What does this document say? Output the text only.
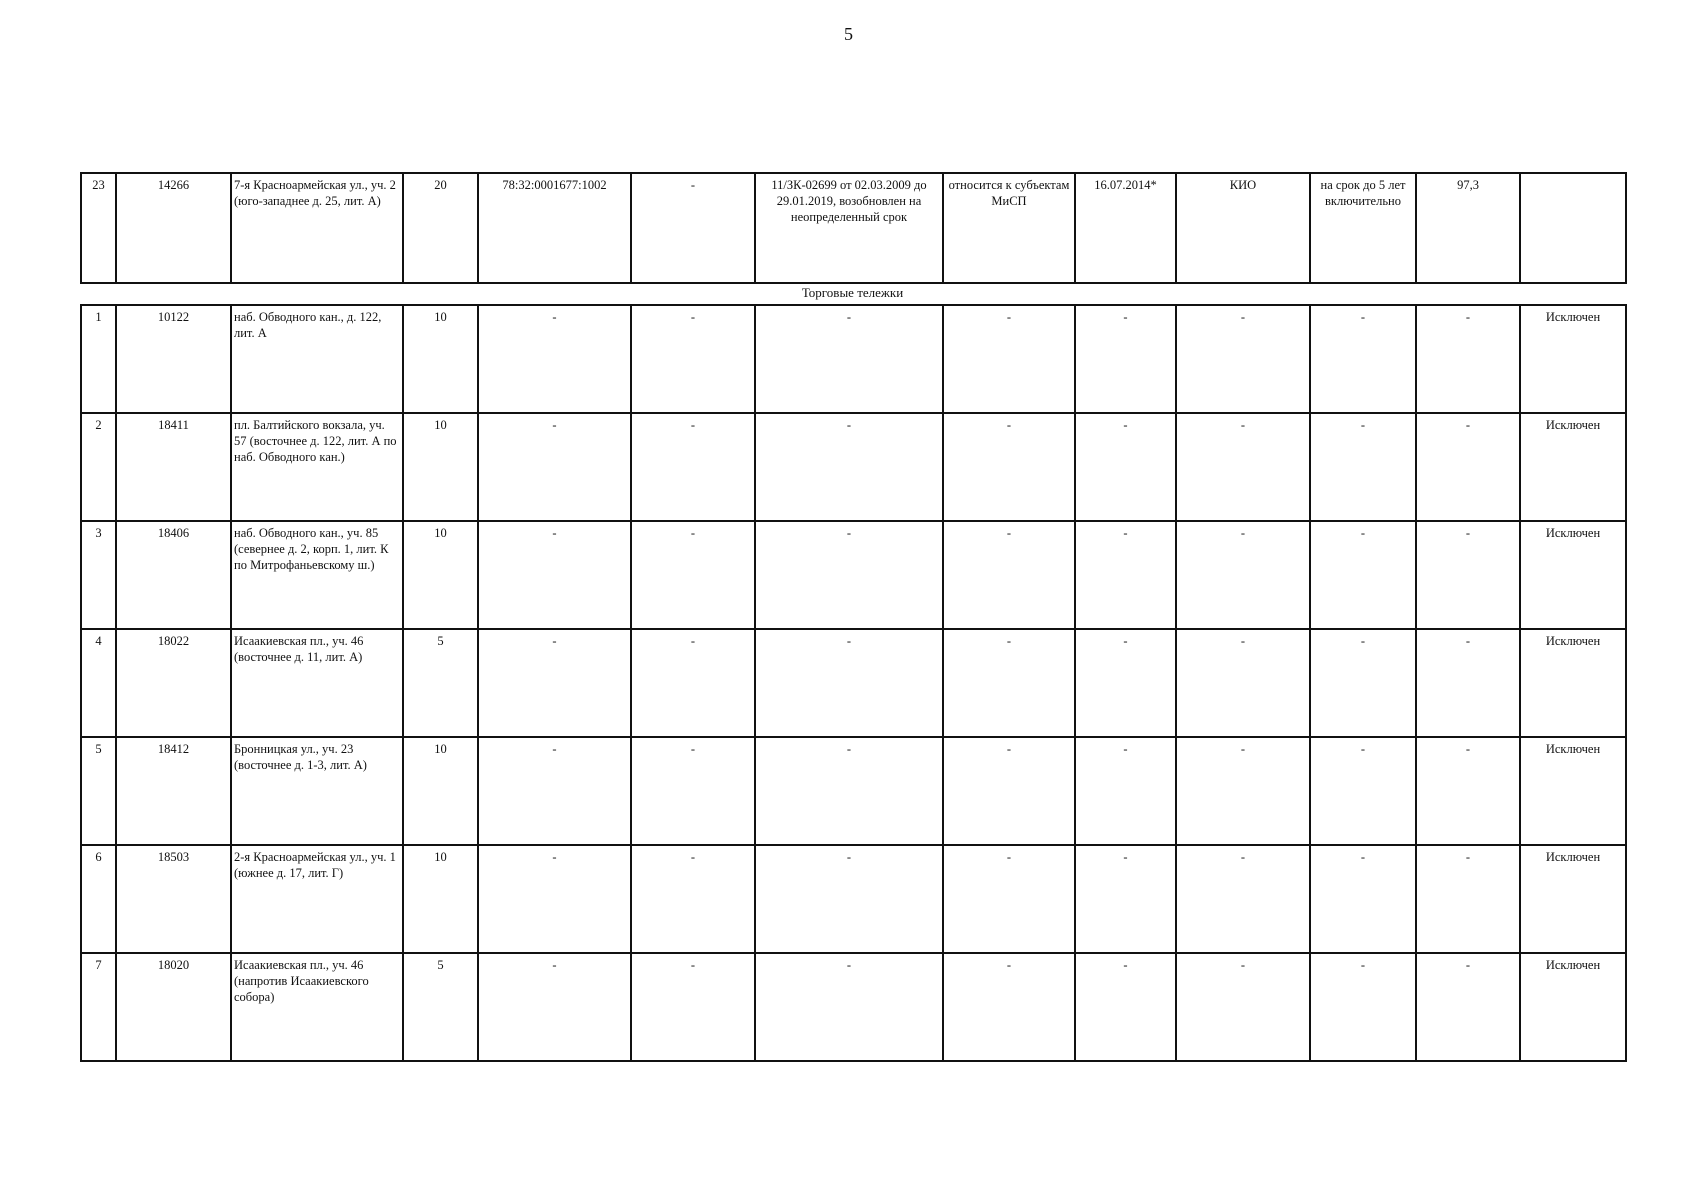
5
23	14266	7-я Красноармейская ул., уч. 2 (юго-западнее д. 25, лит. А)	20	78:32:0001677:1002	-	11/ЗК-02699 от 02.03.2009 до 29.01.2019, возобновлен на неопределенный срок	относится к субъектам МиСП	16.07.2014*	КИО	на срок до 5 лет включительно	97,3	
Торговые тележки
1	10122	наб. Обводного кан., д. 122, лит. А	10	-	-	-	-	-	-	-	-	Исключен
2	18411	пл. Балтийского вокзала, уч. 57 (восточнее д. 122, лит. А по наб. Обводного кан.)	10	-	-	-	-	-	-	-	-	Исключен
3	18406	наб. Обводного кан., уч. 85 (севернее д. 2, корп. 1, лит. К по Митрофаньевскому ш.)	10	-	-	-	-	-	-	-	-	Исключен
4	18022	Исаакиевская пл., уч. 46 (восточнее д. 11, лит. А)	5	-	-	-	-	-	-	-	-	Исключен
5	18412	Бронницкая ул., уч. 23 (восточнее д. 1-3, лит. А)	10	-	-	-	-	-	-	-	-	Исключен
6	18503	2-я Красноармейская ул., уч. 1 (южнее д. 17, лит. Г)	10	-	-	-	-	-	-	-	-	Исключен
7	18020	Исаакиевская пл., уч. 46 (напротив Исаакиевского собора)	5	-	-	-	-	-	-	-	-	Исключен
